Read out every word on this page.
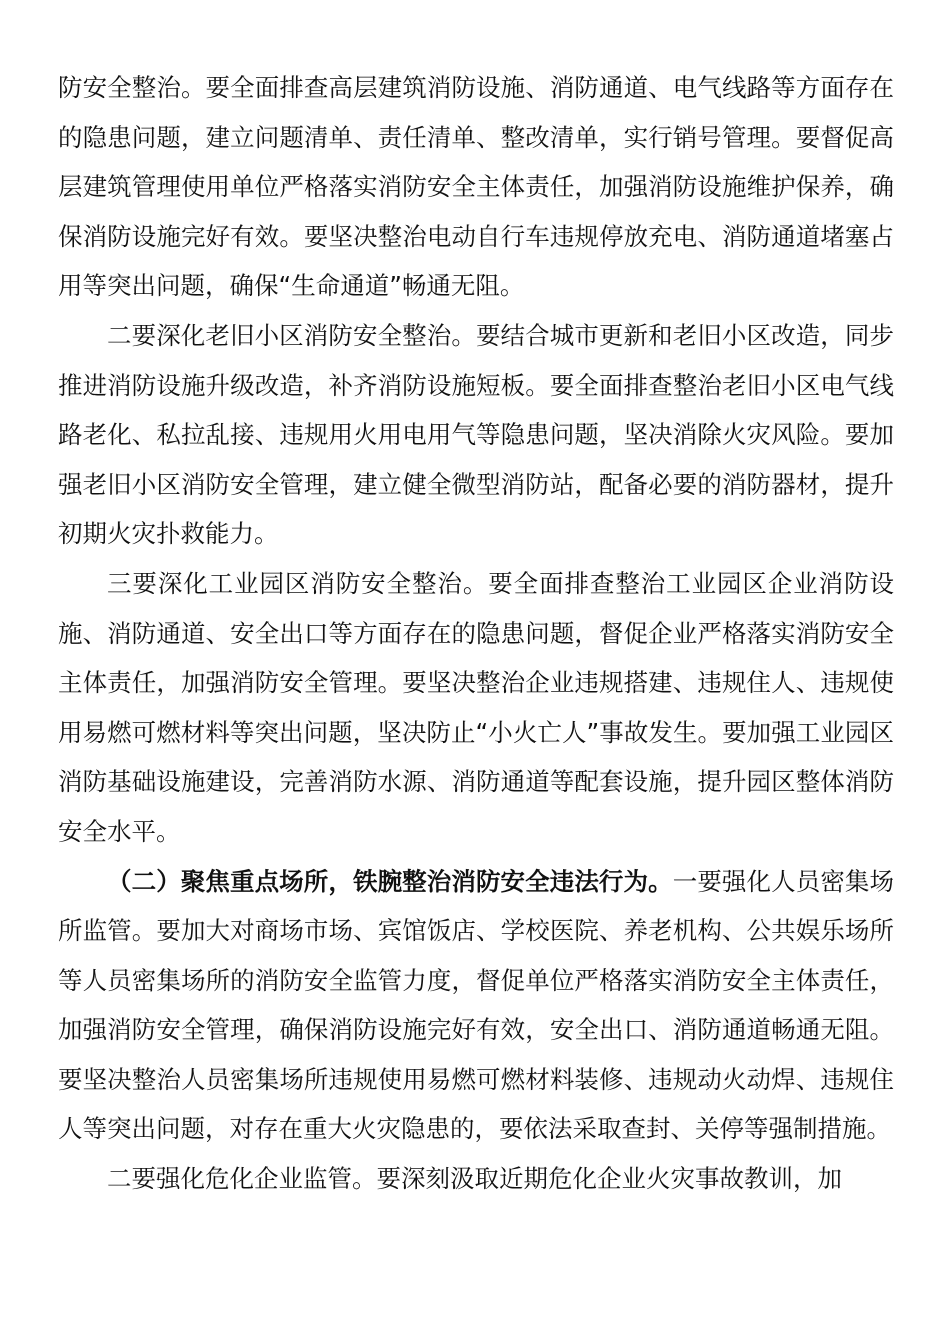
防安全整治。要全面排查高层建筑消防设施、消防通道、电气线路等方面存在的隐患问题，建立问题清单、责任清单、整改清单，实行销号管理。要督促高层建筑管理使用单位严格落实消防安全主体责任，加强消防设施维护保养，确保消防设施完好有效。要坚决整治电动自行车违规停放充电、消防通道堵塞占用等突出问题，确保“生命通道”畅通无阻。

二要深化老旧小区消防安全整治。要结合城市更新和老旧小区改造，同步推进消防设施升级改造，补齐消防设施短板。要全面排查整治老旧小区电气线路老化、私拉乱接、违规用火用电用气等隐患问题，坚决消除火灾风险。要加强老旧小区消防安全管理，建立健全微型消防站，配备必要的消防器材，提升初期火灾扑救能力。

三要深化工业园区消防安全整治。要全面排查整治工业园区企业消防设施、消防通道、安全出口等方面存在的隐患问题，督促企业严格落实消防安全主体责任，加强消防安全管理。要坚决整治企业违规搭建、违规住人、违规使用易燃可燃材料等突出问题，坚决防止“小火亡人”事故发生。要加强工业园区消防基础设施建设，完善消防水源、消防通道等配套设施，提升园区整体消防安全水平。

（二）聚焦重点场所，铁腕整治消防安全违法行为。一要强化人员密集场所监管。要加大对商场市场、宾馆饭店、学校医院、养老机构、公共娱乐场所等人员密集场所的消防安全监管力度，督促单位严格落实消防安全主体责任，加强消防安全管理，确保消防设施完好有效，安全出口、消防通道畅通无阻。要坚决整治人员密集场所违规使用易燃可燃材料装修、违规动火动焊、违规住人等突出问题，对存在重大火灾隐患的，要依法采取查封、关停等强制措施。

二要强化危化企业监管。要深刻汲取近期危化企业火灾事故教训，加
